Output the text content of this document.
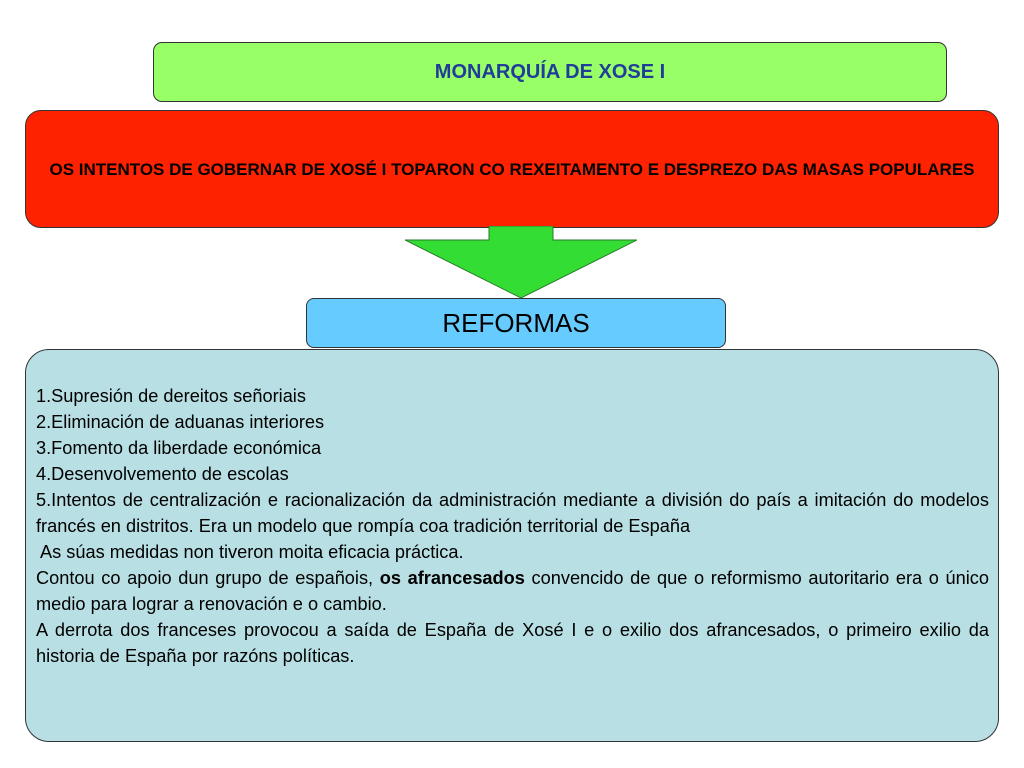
MONARQUÍA DE XOSE I
OS INTENTOS DE GOBERNAR DE XOSÉ I TOPARON CO REXEITAMENTO E DESPREZO DAS MASAS POPULARES
REFORMAS

1.Supresión de dereitos señoriais

2.Eliminación de aduanas interiores

3.Fomento da liberdade económica

4.Desenvolvemento de escolas

5.Intentos de centralización e racionalización da administración mediante a división do país a imitación do modelos francés en distritos. Era un modelo que rompía coa tradición territorial de España

As súas medidas non tiveron moita eficacia práctica.

Contou co apoio dun grupo de españois, os afrancesados convencido de que o reformismo autoritario era o único medio para lograr a renovación e o cambio.

A derrota dos franceses provocou a saída de España de Xosé I e o exilio dos afrancesados, o primeiro exilio da historia de España por razóns políticas.
